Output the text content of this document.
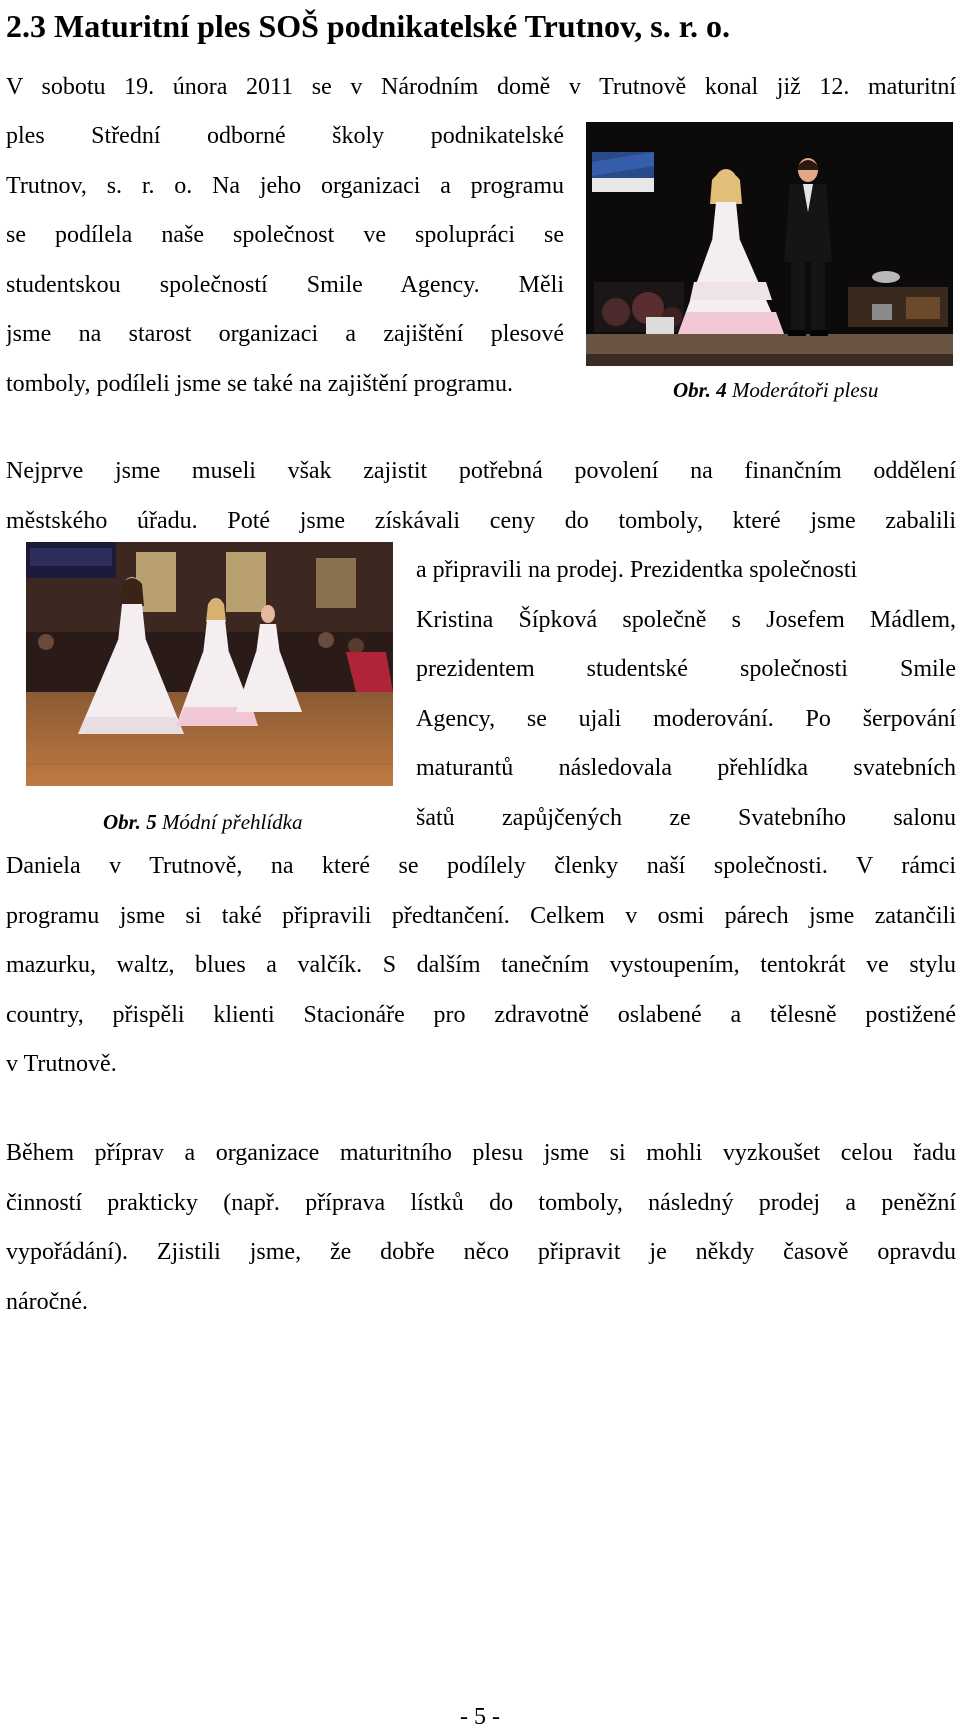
2.3 Maturitní ples SOŠ podnikatelské Trutnov, s. r. o.
V sobotu 19. února 2011 se v Národním domě v Trutnově konal již 12. maturitní
ples Střední odborné školy podnikatelské
Trutnov, s. r. o. Na jeho organizaci a programu
se podílela naše společnost ve spolupráci se
studentskou společností Smile Agency. Měli
jsme na starost organizaci a zajištění plesové
tomboly, podíleli jsme se také na zajištění programu.	Obr. 4 Moderátoři plesu
Nejprve jsme museli však zajistit potřebná povolení na finančním oddělení
městského úřadu. Poté jsme získávali ceny do tomboly, které jsme zabalili
Obr. 5 Módní přehlídka
a připravili na prodej. Prezidentka společnosti
Kristina Šípková společně s Josefem Mádlem,
prezidentem studentské společnosti Smile
Agency, se ujali moderování. Po šerpování
maturantů následovala přehlídka svatebních
šatů zapůjčených ze Svatebního salonu
Daniela v Trutnově, na které se podílely členky naší společnosti. V rámci
programu jsme si také připravili předtančení. Celkem v osmi párech jsme zatančili
mazurku, waltz, blues a valčík. S dalším tanečním vystoupením, tentokrát ve stylu
country, přispěli klienti Stacionáře pro zdravotně oslabené a tělesně postižené
v Trutnově.
Během příprav a organizace maturitního plesu jsme si mohli vyzkoušet celou řadu
činností prakticky (např. příprava lístků do tomboly, následný prodej a peněžní
vypořádání). Zjistili jsme, že dobře něco připravit je někdy časově opravdu
náročné.
- 5 -
